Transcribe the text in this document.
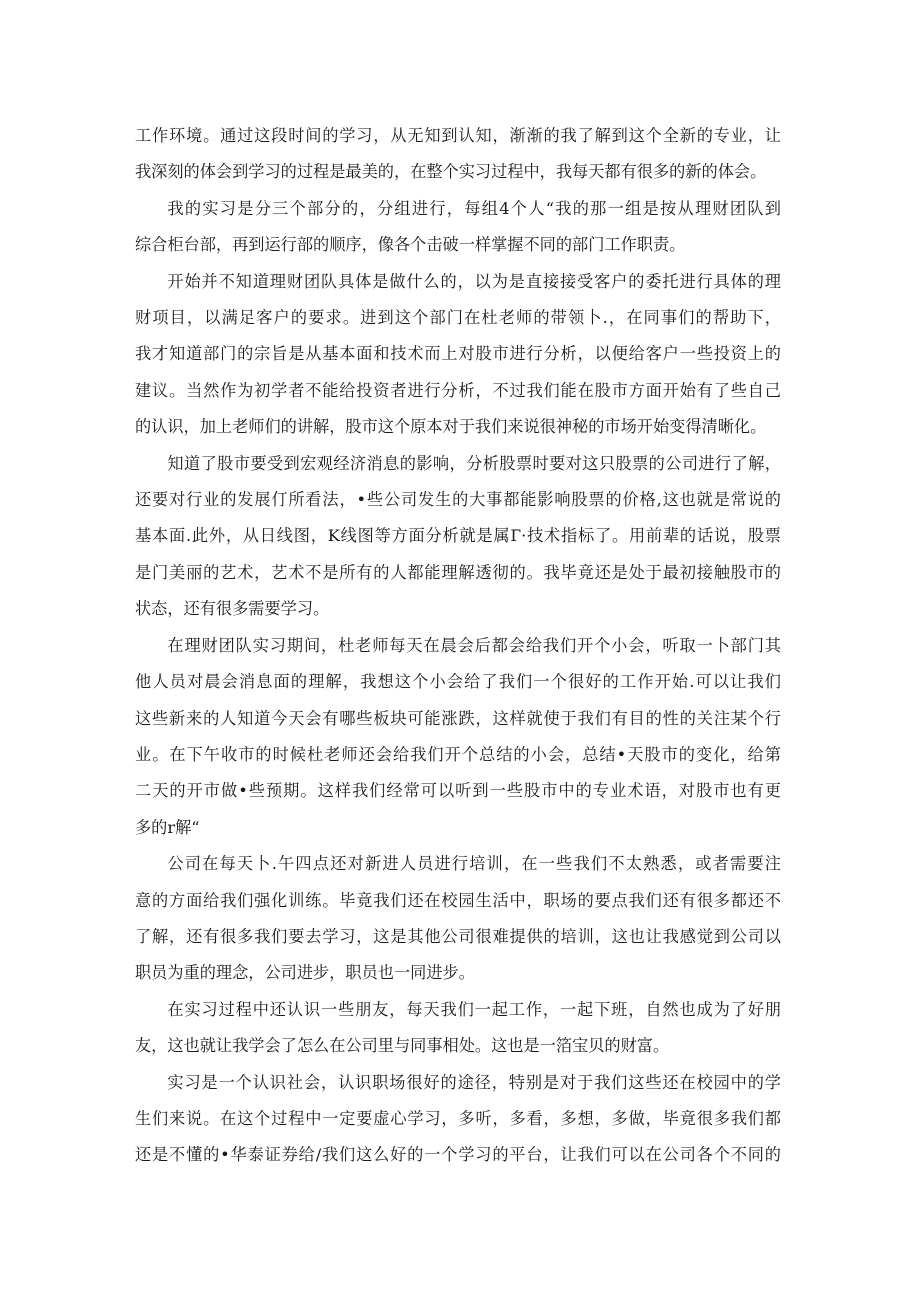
工作环境。通过这段时间的学习，从无知到认知，渐渐的我了解到这个全新的专业，让
我深刻的体会到学习的过程是最美的，在整个实习过程中，我每天都有很多的新的体会。

我的实习是分三个部分的，分组进行，每组4个人“我的那一组是按从理财团队到
综合柜台部，再到运行部的顺序，像各个击破一样掌握不同的部门工作职责。

开始并不知道理财团队具体是做什么的，以为是直接接受客户的委托进行具体的理
财项目，以满足客户的要求。进到这个部门在杜老师的带领卜.，在同事们的帮助下，
我才知道部门的宗旨是从基本面和技术而上对股市进行分析，以便给客户一些投资上的
建议。当然作为初学者不能给投资者进行分析，不过我们能在股市方面开始有了些自己
的认识，加上老师们的讲解，股市这个原本对于我们来说很神秘的市场开始变得清晰化。

知道了股市要受到宏观经济消息的影响，分析股票时要对这只股票的公司进行了解，
还要对行业的发展仃所看法，•些公司发生的大事都能影响股票的价格,这也就是常说的
基本面.此外，从日线图，K线图等方面分析就是属Г·技术指标了。用前辈的话说，股票
是门美丽的艺术，艺术不是所有的人都能理解透彻的。我毕竟还是处于最初接触股市的
状态，还有很多需要学习。

在理财团队实习期间，杜老师每天在晨会后都会给我们开个小会，听取一卜部门其
他人员对晨会消息面的理解，我想这个小会给了我们一个很好的工作开始.可以让我们
这些新来的人知道今天会有哪些板块可能涨跌，这样就使于我们有目的性的关注某个行
业。在下午收市的时候杜老师还会给我们开个总结的小会，总结•天股市的变化，给第
二天的开市做•些预期。这样我们经常可以听到一些股市中的专业术语，对股市也有更
多的r解“

公司在每天卜.午四点还对新进人员进行培训，在一些我们不太熟悉，或者需要注
意的方面给我们强化训练。毕竟我们还在校园生活中，职场的要点我们还有很多都还不
了解，还有很多我们要去学习，这是其他公司很难提供的培训，这也让我感觉到公司以
职员为重的理念，公司进步，职员也一同进步。

在实习过程中还认识一些朋友，每天我们一起工作，一起下班，自然也成为了好朋
友，这也就让我学会了怎么在公司里与同事相处。这也是一箔宝贝的财富。

实习是一个认识社会，认识职场很好的途径，特别是对于我们这些还在校园中的学
生们来说。在这个过程中一定要虚心学习，多听，多看，多想，多做，毕竟很多我们都
还是不懂的•华泰证券给/我们这么好的一个学习的平台，让我们可以在公司各个不同的
